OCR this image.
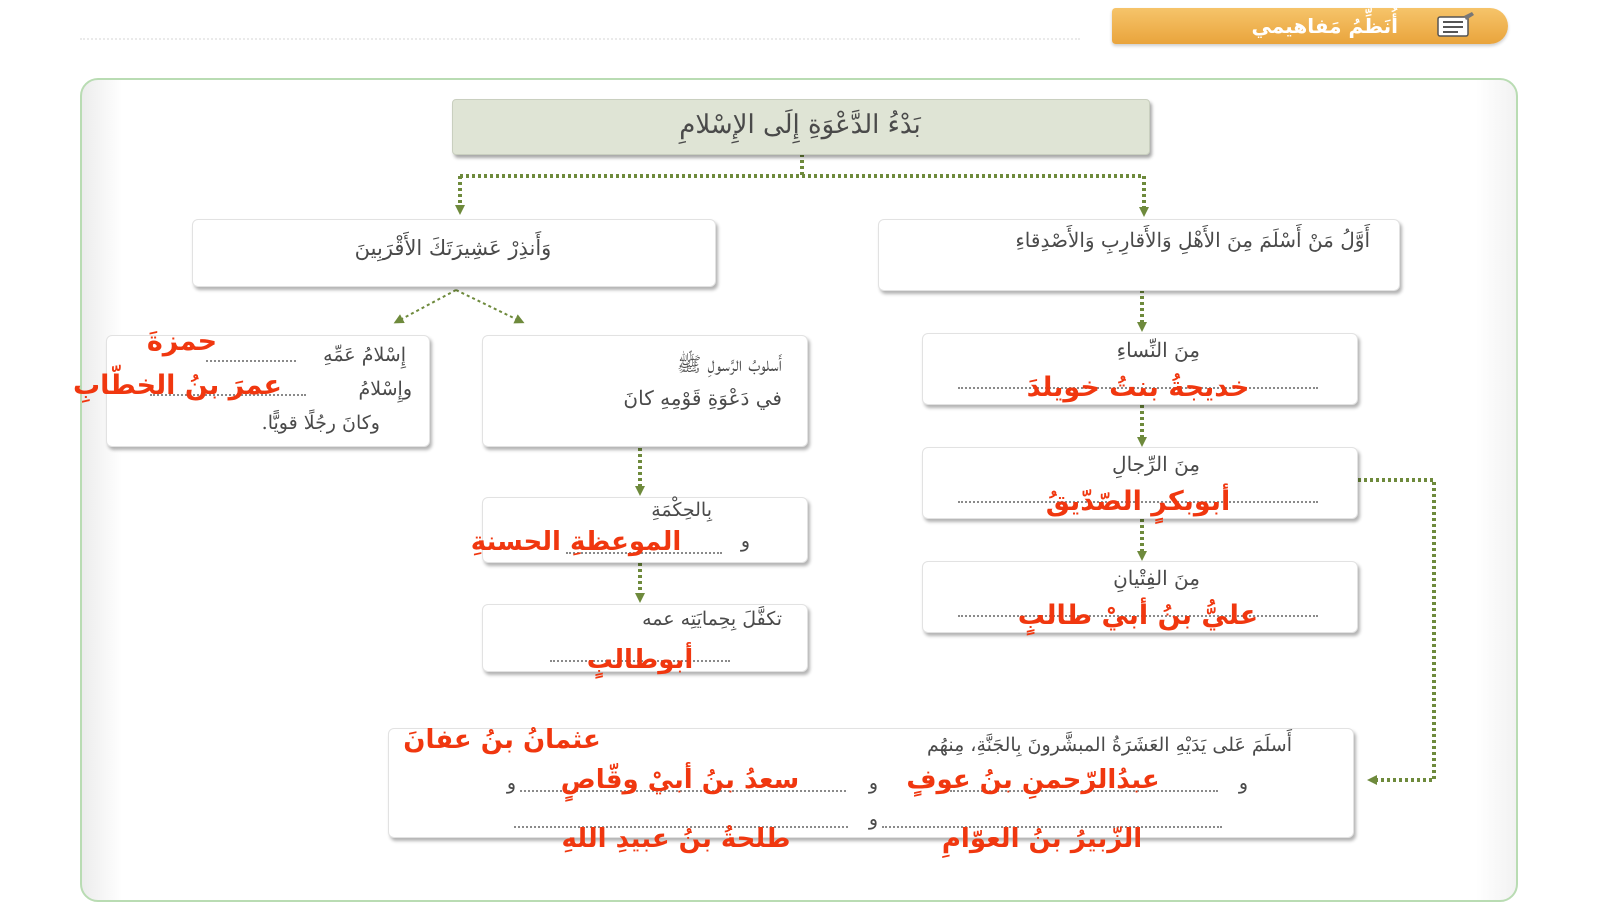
أُنَظِّمُ مَفاهيمي
بَدْءُ الدَّعْوَةِ إِلَى الإِسْلامِ
أَوَّلُ مَنْ أَسْلَمَ مِنَ الأَهْلِ وَالأَقارِبِ وَالأَصْدِقاءِ
مِنَ النِّساءِ
خديجةُ بنتُ خويلدَ
مِنَ الرِّجالِ
أبوبكرٍ الصّدّيقُ
مِنَ الفِتْيانِ
عليُّ بنُ أبيْ طالبٍ
وَأَنذِرْ عَشِيرَتَكَ الأَقْرَبِينَ
أَسلوبُ الرَّسولِ ﷺ
في دَعْوَةِ قَوْمِهِ كانَ
بِالحِكْمَةِ
و
الموعظةِ الحسنةِ
تكفَّلَ بِحِمايَتِه عمه
أبوطالبٍ
إِسْلامُ عَمِّهِ
وإِسْلامُ
وكانَ رجُلًا قويًّا.
حمزةَ
عمرَ بنُ الخطّابِ
أَسلَمَ عَلى يَدَيْهِ العَشَرَةُ المبشَّرونَ بِالجَنَّةِ، مِنهُم
و
و
و
و
عثمانُ بنُ عفانَ
عبدُالرّحمنِ بنُ عوفٍ
سعدُ بنُ أبيْ وقّاصٍ
الزّبيرُ بنُ العوّامِ
طلحةُ بنُ عبيدِ اللهِ
